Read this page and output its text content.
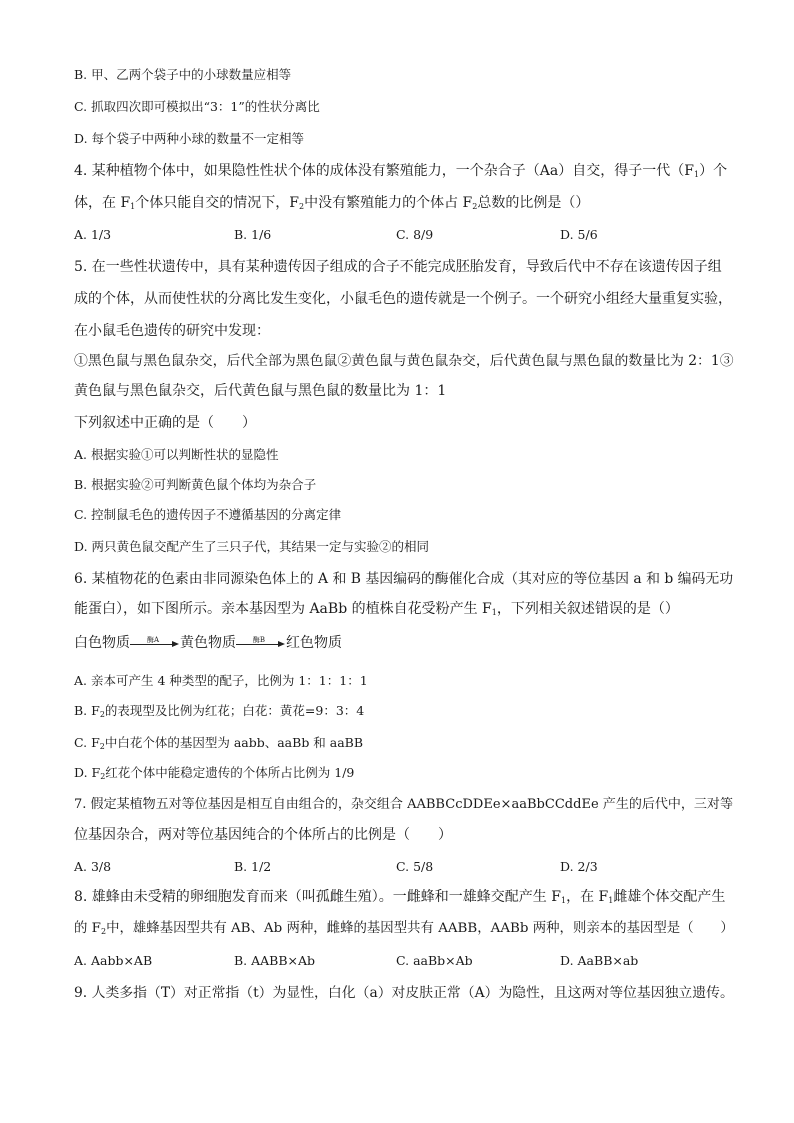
B. 甲、乙两个袋子中的小球数量应相等
C. 抓取四次即可模拟出“3：1”的性状分离比
D. 每个袋子中两种小球的数量不一定相等
4. 某种植物个体中，如果隐性性状个体的成体没有繁殖能力，一个杂合子（Aa）自交，得子一代$(F_1)$个
体，在 $F_1$个体只能自交的情况下，$F_2$中没有繁殖能力的个体占 $F_2$总数的比例是（）
A. 1/3	B. 1/6	C. 8/9	D. 5/6
5. 在一些性状遗传中，具有某种遗传因子组成的合子不能完成胚胎发育，导致后代中不存在该遗传因子组
成的个体，从而使性状的分离比发生变化，小鼠毛色的遗传就是一个例子。一个研究小组经大量重复实验，
在小鼠毛色遗传的研究中发现：
①黑色鼠与黑色鼠杂交，后代全部为黑色鼠②黄色鼠与黄色鼠杂交，后代黄色鼠与黑色鼠的数量比为 2：1③
黄色鼠与黑色鼠杂交，后代黄色鼠与黑色鼠的数量比为 1：1
下列叙述中正确的是（　　）
A. 根据实验①可以判断性状的显隐性
B. 根据实验②可判断黄色鼠个体均为杂合子
C. 控制鼠毛色的遗传因子不遵循基因的分离定律
D. 两只黄色鼠交配产生了三只子代，其结果一定与实验②的相同
6. 某植物花的色素由非同源染色体上的 A 和 B 基因编码的酶催化合成（其对应的等位基因 a 和 b 编码无功
能蛋白），如下图所示。亲本基因型为 AaBb 的植株自花受粉产生 $F_1$，下列相关叙述错误的是（）
白色物质	酶A	黄色物质	酶B	红色物质
A. 亲本可产生 4 种类型的配子，比例为 1：1：1：1
B. $F_2$的表现型及比例为红花；白花：黄花=9：3：4
C. $F_2$中白花个体的基因型为 aabb、aaBb 和 aaBB
D. $F_2$红花个体中能稳定遗传的个体所占比例为 1/9
7. 假定某植物五对等位基因是相互自由组合的，杂交组合 AABBCcDDEe×aaBbCCddEe 产生的后代中，三对等
位基因杂合，两对等位基因纯合的个体所占的比例是（　　）
A. 3/8	B. 1/2	C. 5/8	D. 2/3
8. 雄蜂由未受精的卵细胞发育而来（叫孤雌生殖）。一雌蜂和一雄蜂交配产生 $F_1$，在 $F_1$雌雄个体交配产生
的 $F_2$中，雄蜂基因型共有 AB、Ab 两种，雌蜂的基因型共有 AABB，AABb 两种，则亲本的基因型是（　　）
A. Aabb×AB	B. AABB×Ab	C. aaBb×Ab	D. AaBB×ab
9. 人类多指（T）对正常指（t）为显性，白化（a）对皮肤正常（A）为隐性，且这两对等位基因独立遗传。
